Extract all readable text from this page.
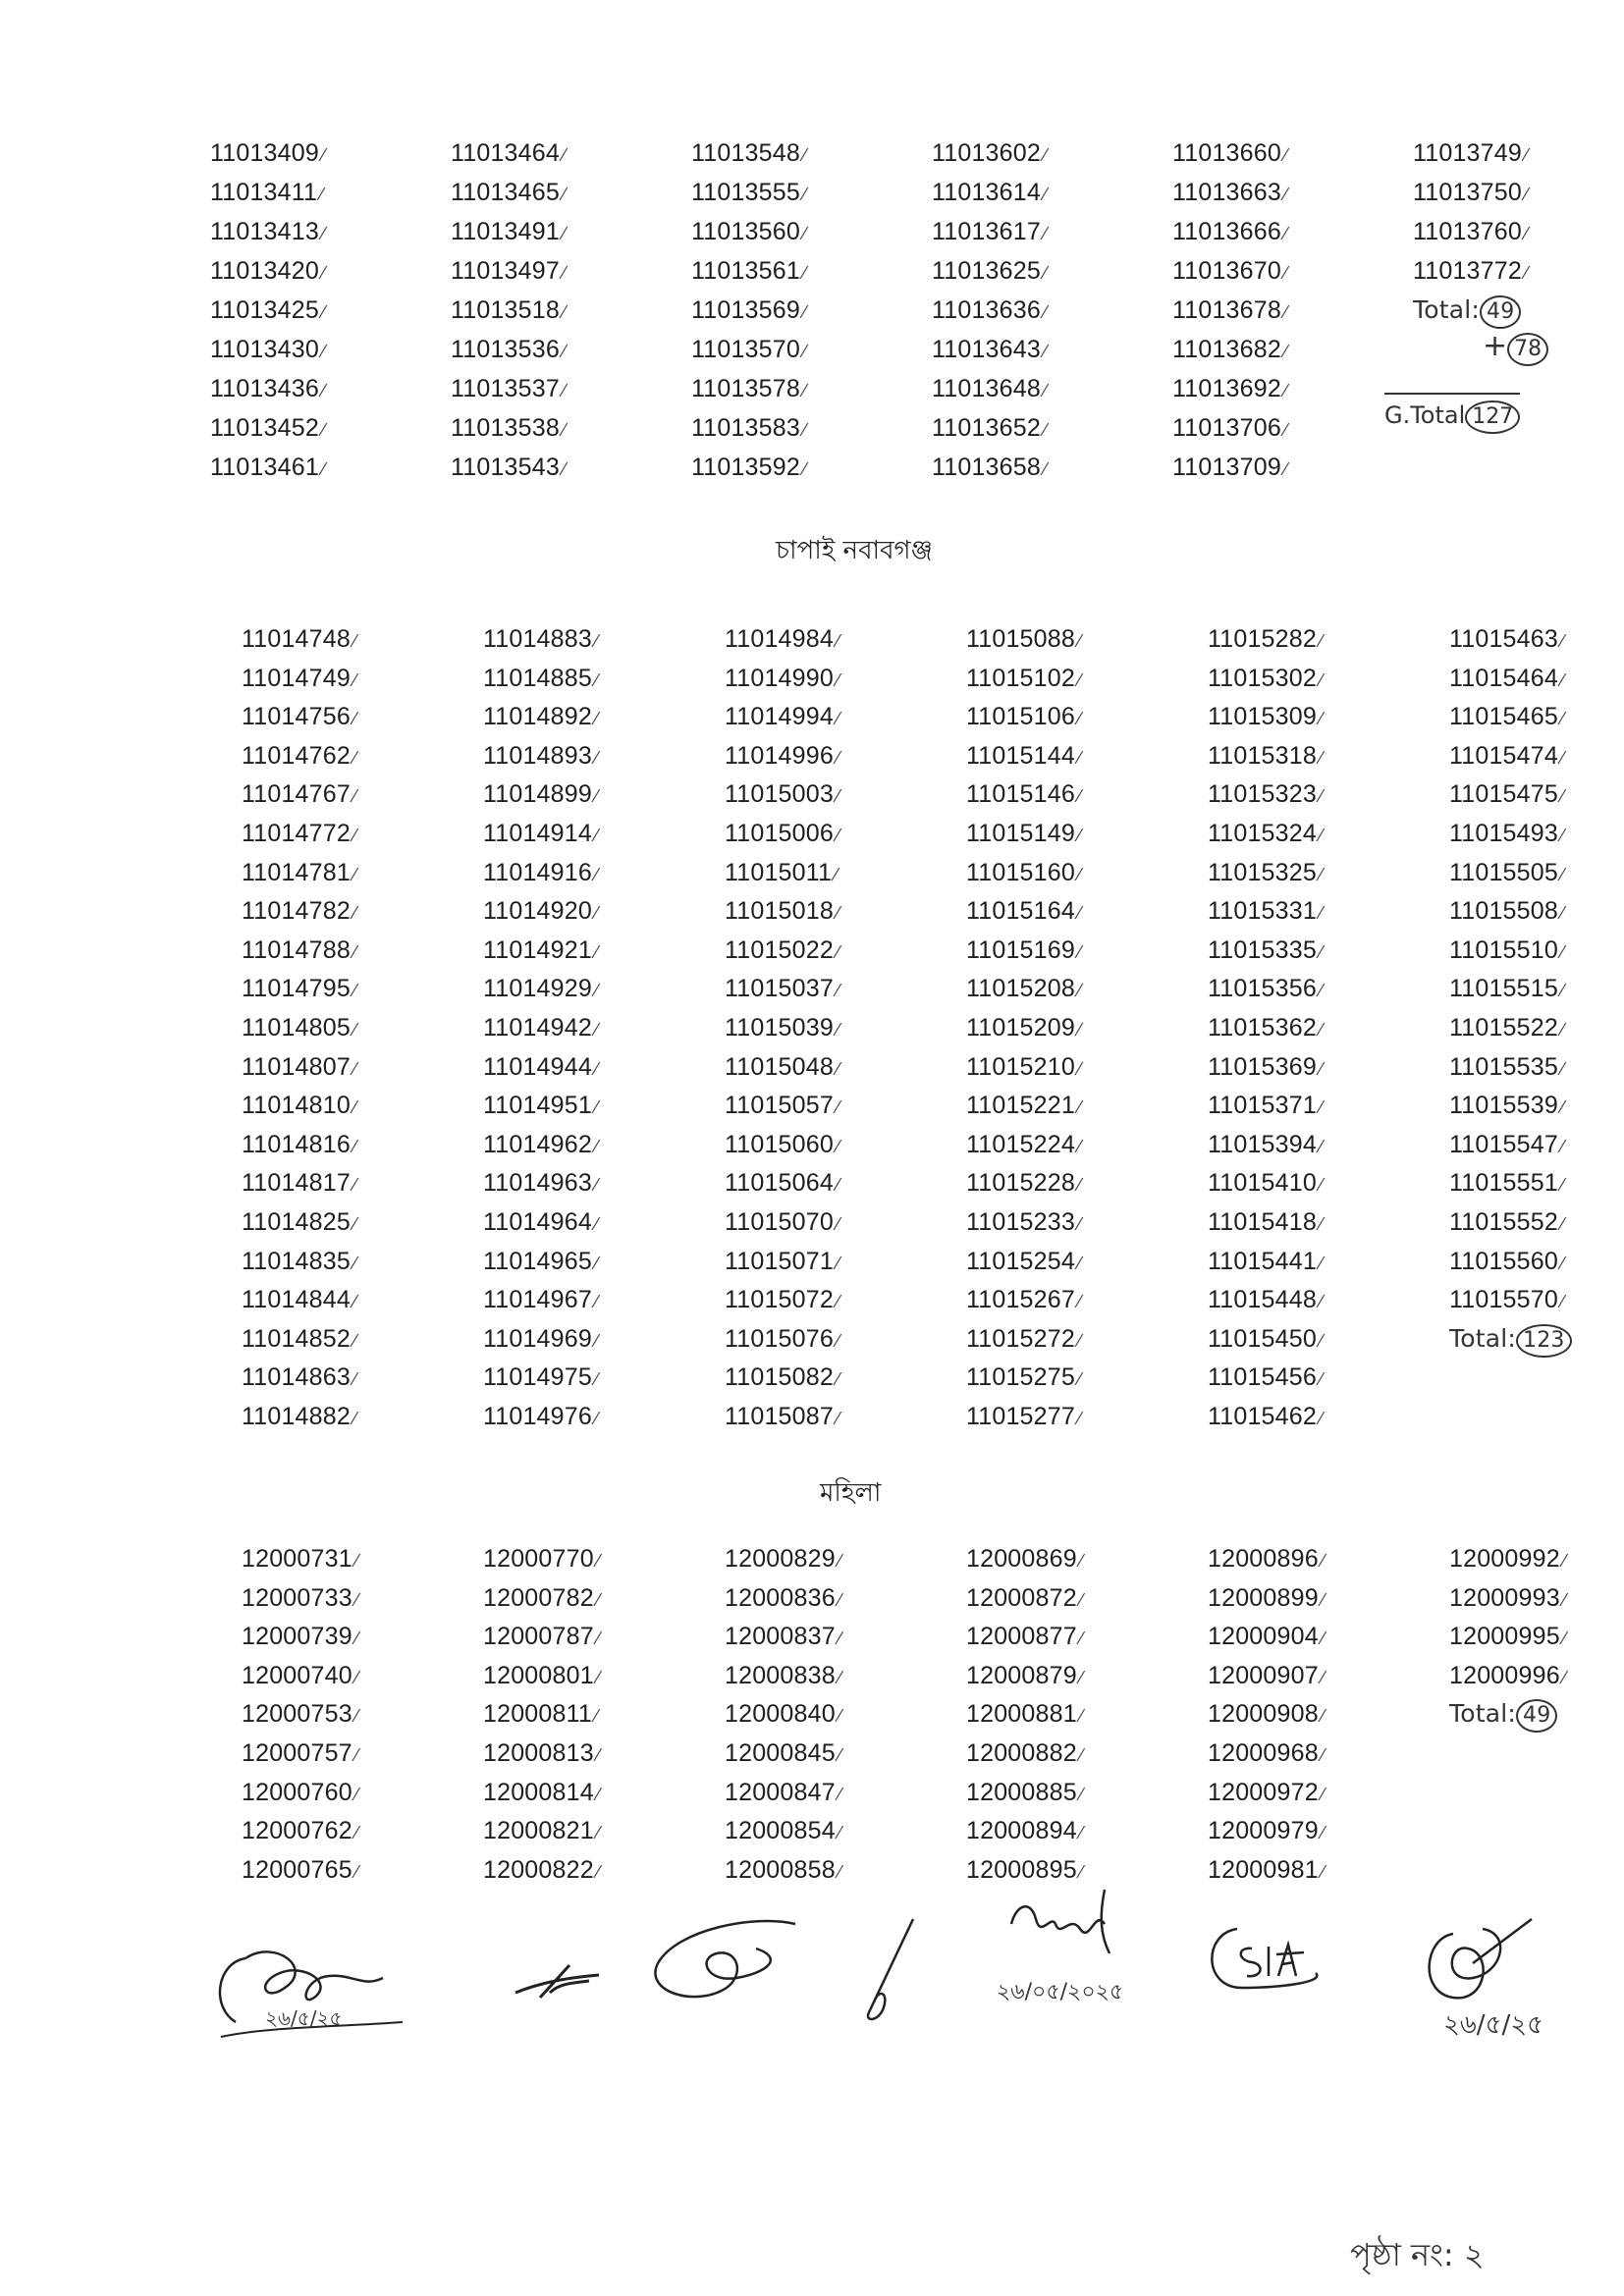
11013409 ⁄
11013411 ⁄
11013413 ⁄
11013420 ⁄
11013425 ⁄
11013430 ⁄
11013436 ⁄
11013452 ⁄
11013461 ⁄
11013464 ⁄
11013465 ⁄
11013491 ⁄
11013497 ⁄
11013518 ⁄
11013536 ⁄
11013537 ⁄
11013538 ⁄
11013543 ⁄
11013548 ⁄
11013555 ⁄
11013560 ⁄
11013561 ⁄
11013569 ⁄
11013570 ⁄
11013578 ⁄
11013583 ⁄
11013592 ⁄
11013602 ⁄
11013614 ⁄
11013617 ⁄
11013625 ⁄
11013636 ⁄
11013643 ⁄
11013648 ⁄
11013652 ⁄
11013658 ⁄
11013660 ⁄
11013663 ⁄
11013666 ⁄
11013670 ⁄
11013678 ⁄
11013682 ⁄
11013692 ⁄
11013706 ⁄
11013709 ⁄
11013749 ⁄
11013750 ⁄
11013760 ⁄
11013772 ⁄
Total: 49
+ 78
G.Total 127
চাপাই নবাবগঞ্জ
11014748 ⁄
11014749 ⁄
11014756 ⁄
11014762 ⁄
11014767 ⁄
11014772 ⁄
11014781 ⁄
11014782 ⁄
11014788 ⁄
11014795 ⁄
11014805 ⁄
11014807 ⁄
11014810 ⁄
11014816 ⁄
11014817 ⁄
11014825 ⁄
11014835 ⁄
11014844 ⁄
11014852 ⁄
11014863 ⁄
11014882 ⁄
11014883 ⁄
11014885 ⁄
11014892 ⁄
11014893 ⁄
11014899 ⁄
11014914 ⁄
11014916 ⁄
11014920 ⁄
11014921 ⁄
11014929 ⁄
11014942 ⁄
11014944 ⁄
11014951 ⁄
11014962 ⁄
11014963 ⁄
11014964 ⁄
11014965 ⁄
11014967 ⁄
11014969 ⁄
11014975 ⁄
11014976 ⁄
11014984 ⁄
11014990 ⁄
11014994 ⁄
11014996 ⁄
11015003 ⁄
11015006 ⁄
11015011 ⁄
11015018 ⁄
11015022 ⁄
11015037 ⁄
11015039 ⁄
11015048 ⁄
11015057 ⁄
11015060 ⁄
11015064 ⁄
11015070 ⁄
11015071 ⁄
11015072 ⁄
11015076 ⁄
11015082 ⁄
11015087 ⁄
11015088 ⁄
11015102 ⁄
11015106 ⁄
11015144 ⁄
11015146 ⁄
11015149 ⁄
11015160 ⁄
11015164 ⁄
11015169 ⁄
11015208 ⁄
11015209 ⁄
11015210 ⁄
11015221 ⁄
11015224 ⁄
11015228 ⁄
11015233 ⁄
11015254 ⁄
11015267 ⁄
11015272 ⁄
11015275 ⁄
11015277 ⁄
11015282 ⁄
11015302 ⁄
11015309 ⁄
11015318 ⁄
11015323 ⁄
11015324 ⁄
11015325 ⁄
11015331 ⁄
11015335 ⁄
11015356 ⁄
11015362 ⁄
11015369 ⁄
11015371 ⁄
11015394 ⁄
11015410 ⁄
11015418 ⁄
11015441 ⁄
11015448 ⁄
11015450 ⁄
11015456 ⁄
11015462 ⁄
11015463 ⁄
11015464 ⁄
11015465 ⁄
11015474 ⁄
11015475 ⁄
11015493 ⁄
11015505 ⁄
11015508 ⁄
11015510 ⁄
11015515 ⁄
11015522 ⁄
11015535 ⁄
11015539 ⁄
11015547 ⁄
11015551 ⁄
11015552 ⁄
11015560 ⁄
11015570 ⁄
Total: 123
মহিলা
12000731 ⁄
12000733 ⁄
12000739 ⁄
12000740 ⁄
12000753 ⁄
12000757 ⁄
12000760 ⁄
12000762 ⁄
12000765 ⁄
12000770 ⁄
12000782 ⁄
12000787 ⁄
12000801 ⁄
12000811 ⁄
12000813 ⁄
12000814 ⁄
12000821 ⁄
12000822 ⁄
12000829 ⁄
12000836 ⁄
12000837 ⁄
12000838 ⁄
12000840 ⁄
12000845 ⁄
12000847 ⁄
12000854 ⁄
12000858 ⁄
12000869 ⁄
12000872 ⁄
12000877 ⁄
12000879 ⁄
12000881 ⁄
12000882 ⁄
12000885 ⁄
12000894 ⁄
12000895 ⁄
12000896 ⁄
12000899 ⁄
12000904 ⁄
12000907 ⁄
12000908 ⁄
12000968 ⁄
12000972 ⁄
12000979 ⁄
12000981 ⁄
12000992 ⁄
12000993 ⁄
12000995 ⁄
12000996 ⁄
Total: 49
২৬/৫/২৫
২৬/০৫/২০২৫
২৬/৫/২৫
পৃষ্ঠা নং: ২
